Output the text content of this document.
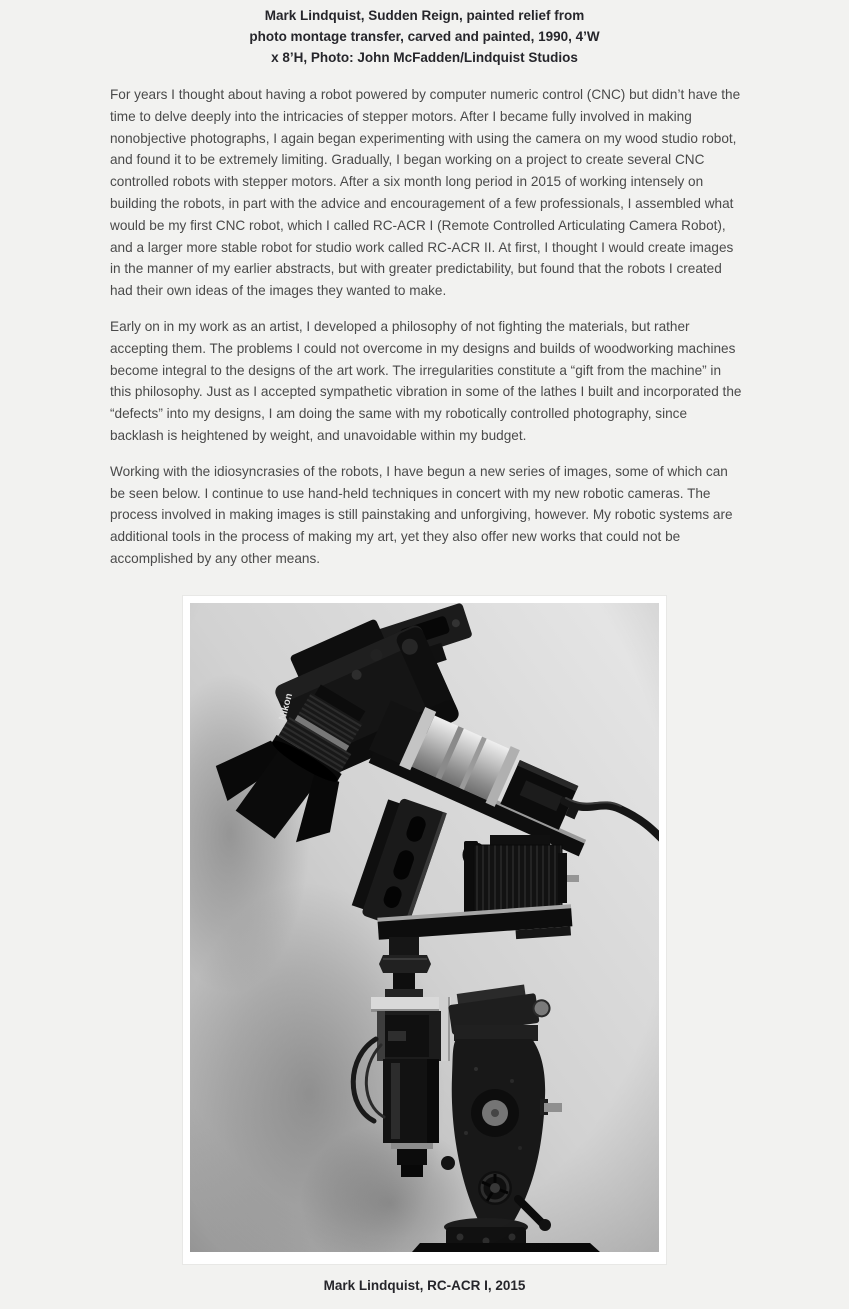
Mark Lindquist, Sudden Reign, painted relief from
photo montage transfer, carved and painted, 1990, 4’W
x 8’H, Photo: John McFadden/Lindquist Studios

For years I thought about having a robot powered by computer numeric control (CNC) but didn’t have the time to delve deeply into the intricacies of stepper motors. After I became fully involved in making nonobjective photographs, I again began experimenting with using the camera on my wood studio robot, and found it to be extremely limiting. Gradually, I began working on a project to create several CNC controlled robots with stepper motors. After a six month long period in 2015 of working intensely on building the robots, in part with the advice and encouragement of a few professionals, I assembled what would be my first CNC robot, which I called RC-ACR I (Remote Controlled Articulating Camera Robot), and a larger more stable robot for studio work called RC-ACR II. At first, I thought I would create images in the manner of my earlier abstracts, but with greater predictability, but found that the robots I created had their own ideas of the images they wanted to make.

Early on in my work as an artist, I developed a philosophy of not fighting the materials, but rather accepting them. The problems I could not overcome in my designs and builds of woodworking machines become integral to the designs of the art work. The irregularities constitute a “gift from the machine” in this philosophy. Just as I accepted sympathetic vibration in some of the lathes I built and incorporated the “defects” into my designs, I am doing the same with my robotically controlled photography, since backlash is heightened by weight, and unavoidable within my budget.

Working with the idiosyncrasies of the robots, I have begun a new series of images, some of which can be seen below. I continue to use hand-held techniques in concert with my new robotic cameras. The process involved in making images is still painstaking and unforgiving, however. My robotic systems are additional tools in the process of making my art, yet they also offer new works that could not be accomplished by any other means.

Mark Lindquist, RC-ACR I, 2015
